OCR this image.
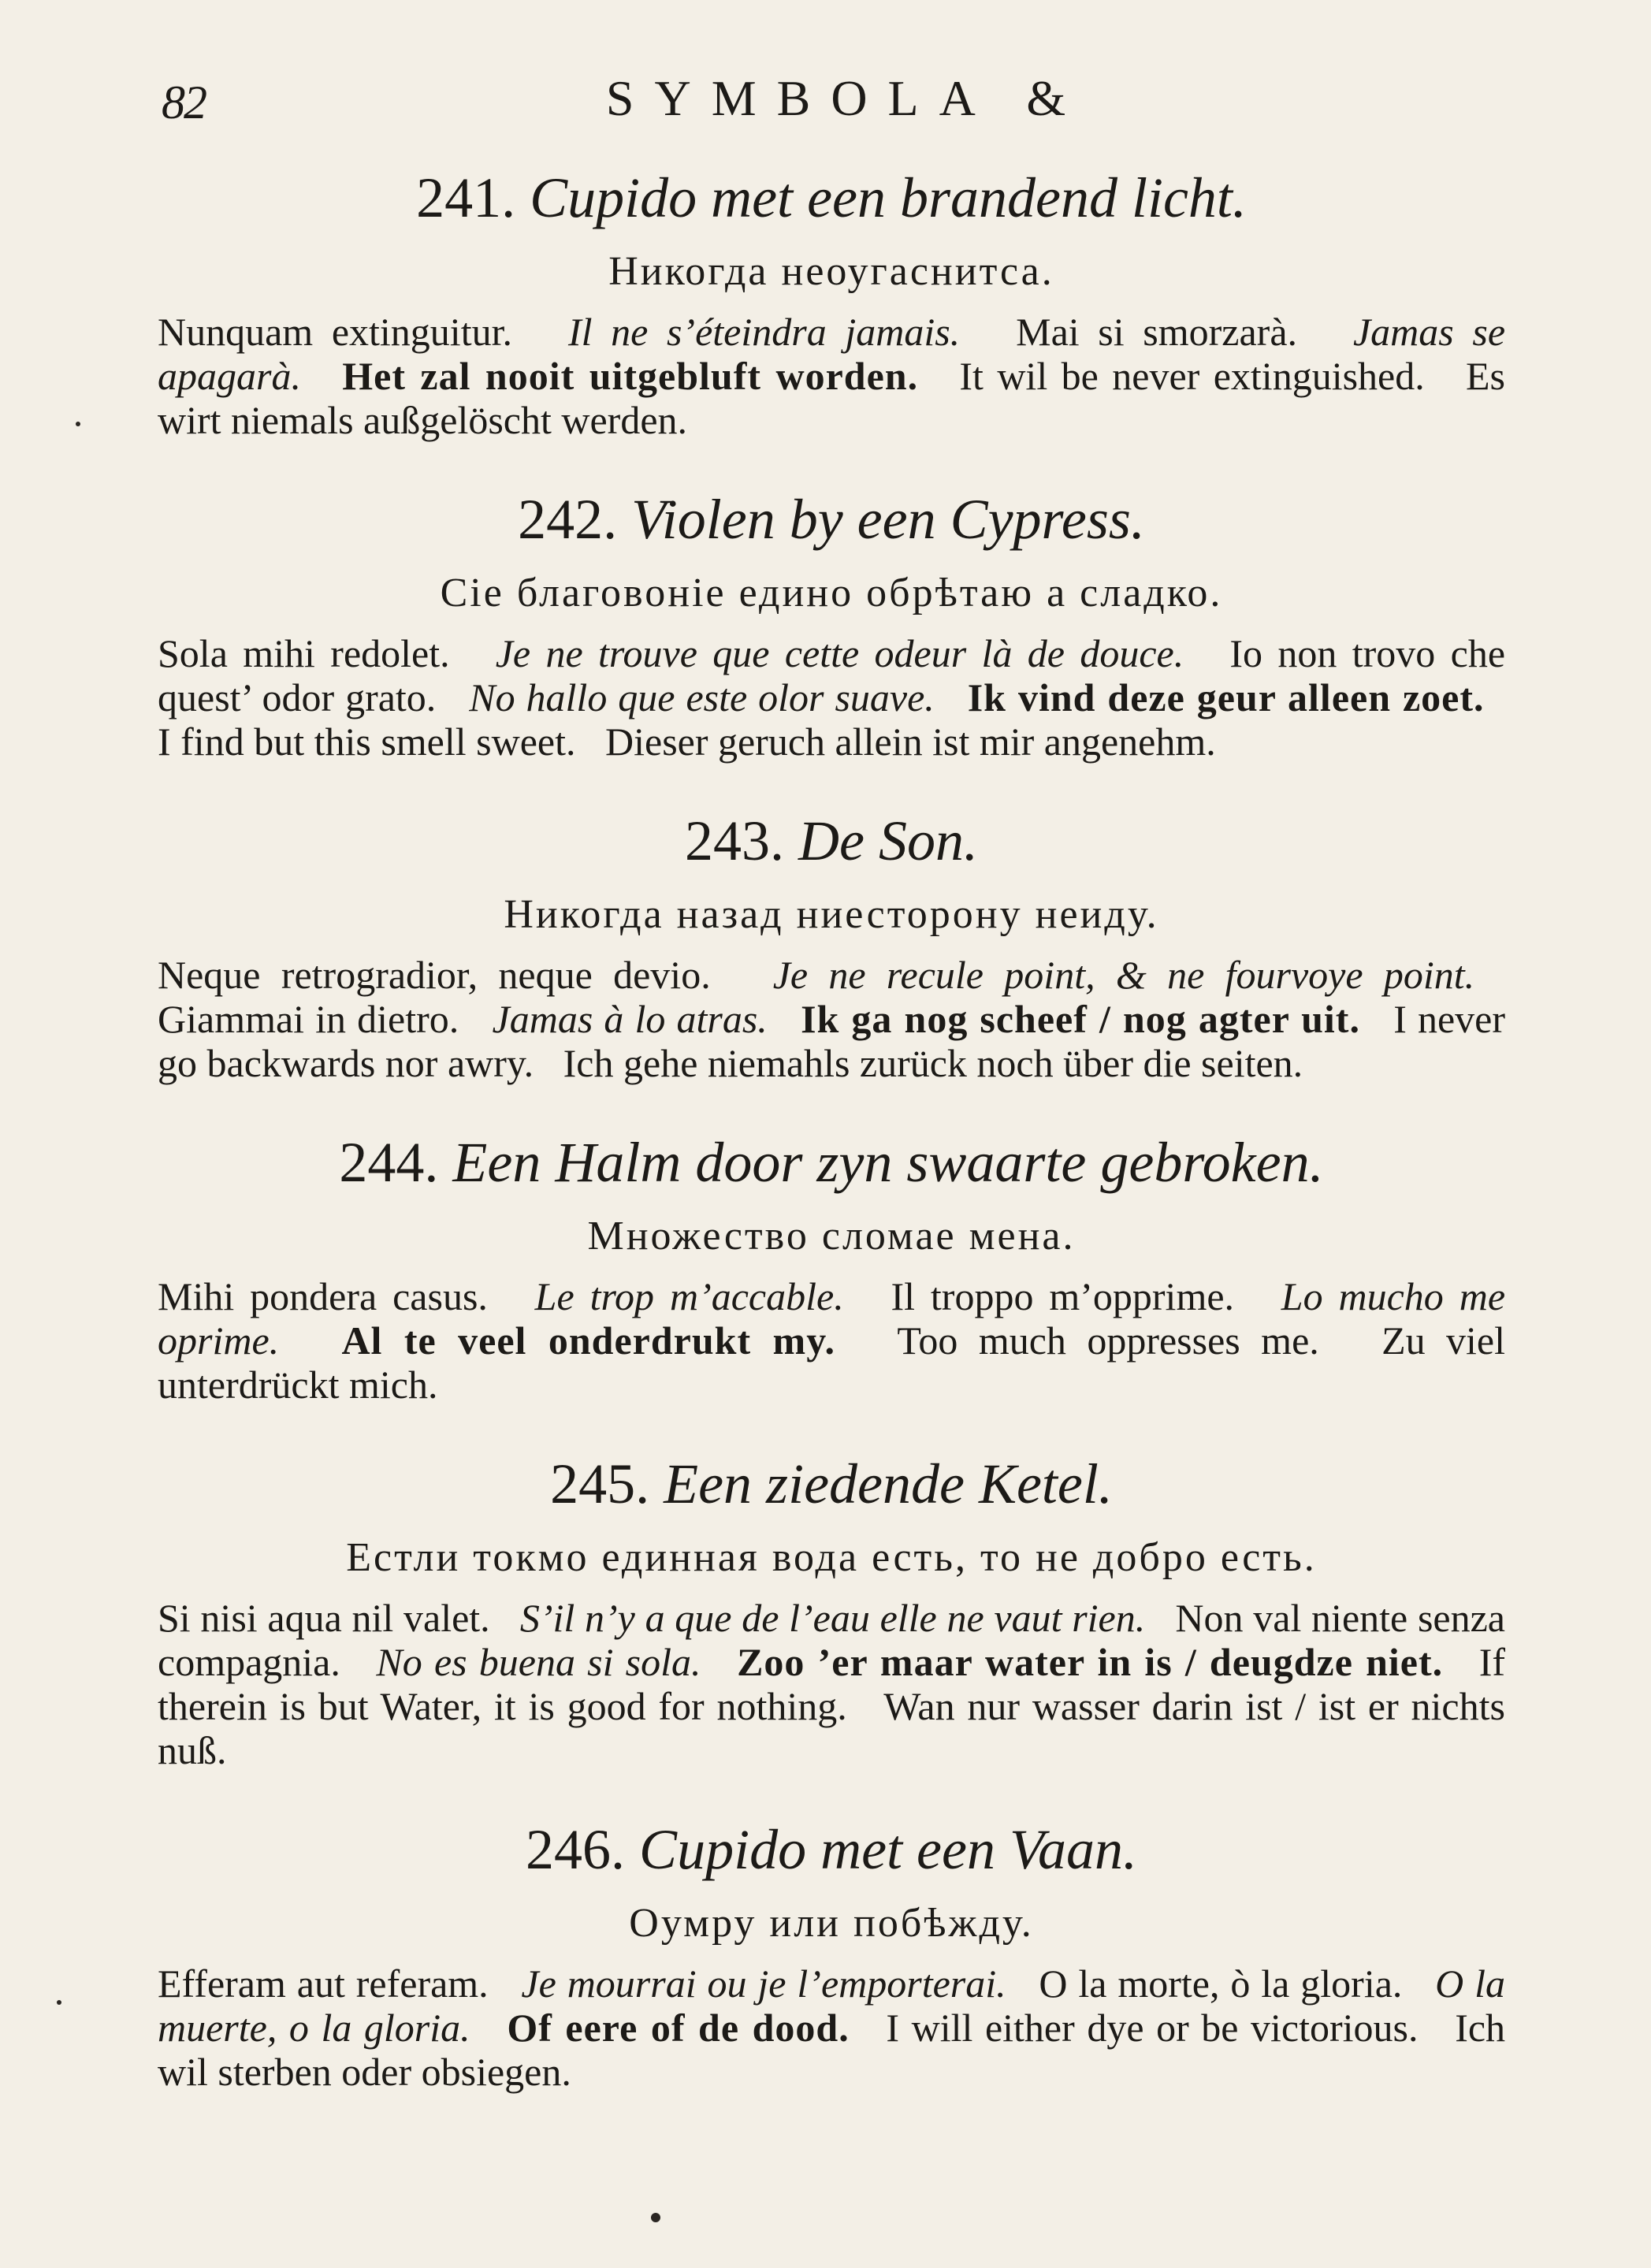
82	SYMBOLA &

241. Cupido met een brandend licht.

Никогда неоугаснитса.

Nunquam extinguitur. Il ne s’éteindra jamais. Mai si smorzarà. Jamas se apagarà. Het zal nooit uitgebluft worden. It wil be never extinguished. Es wirt niemals außgelöscht werden.

242. Violen by een Cypress.

Сіе благовоніе едино обрѣтаю а сладко.

Sola mihi redolet. Je ne trouve que cette odeur là de douce. Io non trovo che quest’ odor grato. No hallo que este olor suave. Ik vind deze geur alleen zoet.   I find but this smell sweet. Dieser geruch allein ist mir angenehm.

243. De Son.

Никогда назад ниесторону неиду.

Neque retrogradior, neque devio. Je ne recule point, & ne fourvoye point.   Giammai in dietro. Jamas à lo atras. Ik ga nog scheef / nog agter uit. I never go backwards nor awry. Ich gehe niemahls zurück noch über die seiten.

244. Een Halm door zyn swaarte gebroken.

Множество сломае мена.

Mihi pondera casus. Le trop m’accable. Il troppo m’opprime. Lo mucho me oprime. Al te veel onderdrukt my. Too much oppresses me. Zu viel unterdrückt mich.

245. Een ziedende Ketel.

Естли токмо единная вода есть, то не добро есть.

Si nisi aqua nil valet. S’il n’y a que de l’eau elle ne vaut rien. Non val niente senza compagnia. No es buena si sola. Zoo ’er maar water in is / deugdze niet. If therein is but Water, it is good for nothing. Wan nur wasser darin ist / ist er nichts nuß.

246. Cupido met een Vaan.

Оумру или побѣжду.

Efferam aut referam. Je mourrai ou je l’emporterai. O la morte, ò la gloria. O la muerte, o la gloria. Of eere of de dood. I will either dye or be victorious. Ich wil sterben oder obsiegen.
